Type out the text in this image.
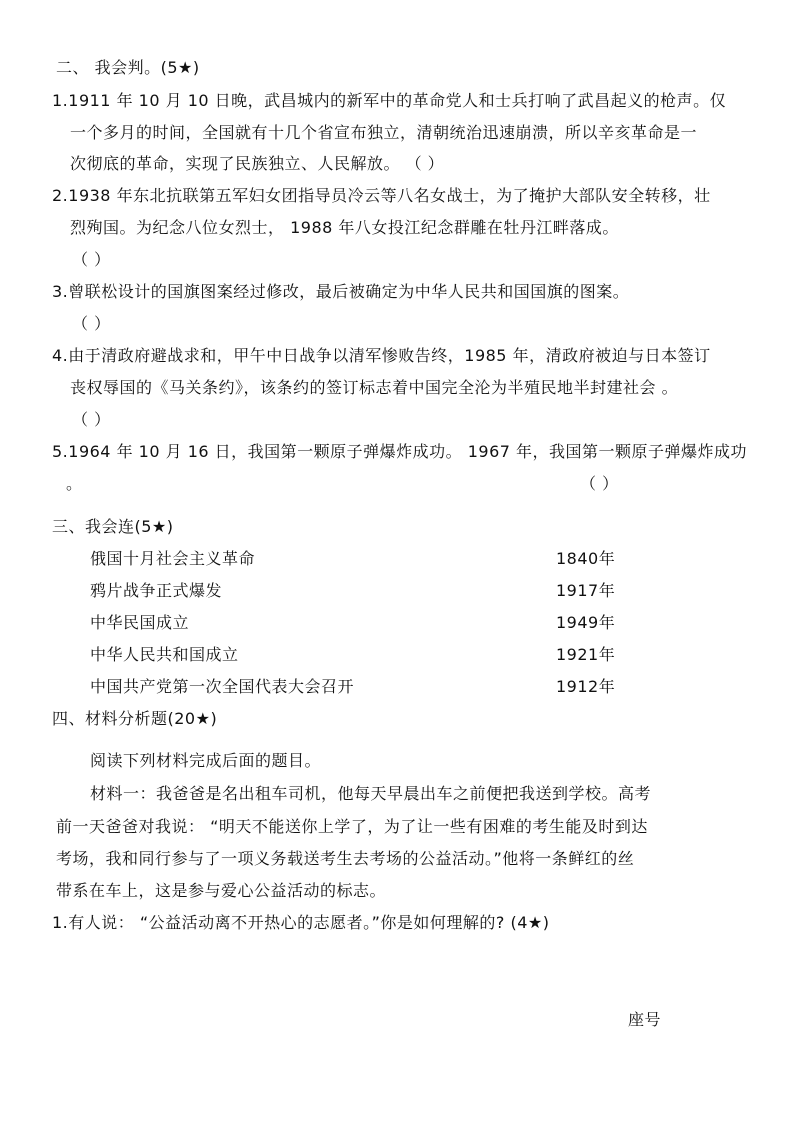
二、 我会判。(5★)
1.1911 年 10 月 10 日晚，武昌城内的新军中的革命党人和士兵打响了武昌起义的枪声。仅
一个多月的时间，全国就有十几个省宣布独立，清朝统治迅速崩溃，所以辛亥革命是一
次彻底的革命，实现了民族独立、人民解放。 （ ）
2.1938 年东北抗联第五军妇女团指导员冷云等八名女战士，为了掩护大部队安全转移，壮
烈殉国。为纪念八位女烈士， 1988 年八女投江纪念群雕在牡丹江畔落成。
（ ）
3.曾联松设计的国旗图案经过修改，最后被确定为中华人民共和国国旗的图案。
（ ）
4.由于清政府避战求和，甲午中日战争以清军惨败告终，1985 年，清政府被迫与日本签订
丧权辱国的《马关条约》，该条约的签订标志着中国完全沦为半殖民地半封建社会 。
（ ）
5.1964 年 10 月 16 日，我国第一颗原子弹爆炸成功。 1967 年，我国第一颗原子弹爆炸成功
。	（ ）
三、我会连(5★)
俄国十月社会主义革命	1840年
鸦片战争正式爆发	1917年
中华民国成立	1949年
中华人民共和国成立	1921年
中国共产党第一次全国代表大会召开	1912年
四、材料分析题(20★)
阅读下列材料完成后面的题目。
材料一：我爸爸是名出租车司机，他每天早晨出车之前便把我送到学校。高考
前一天爸爸对我说： “明天不能送你上学了，为了让一些有困难的考生能及时到达
考场，我和同行参与了一项义务载送考生去考场的公益活动。”他将一条鲜红的丝
带系在车上，这是参与爱心公益活动的标志。
1.有人说： “公益活动离不开热心的志愿者。”你是如何理解的? (4★)
座号
